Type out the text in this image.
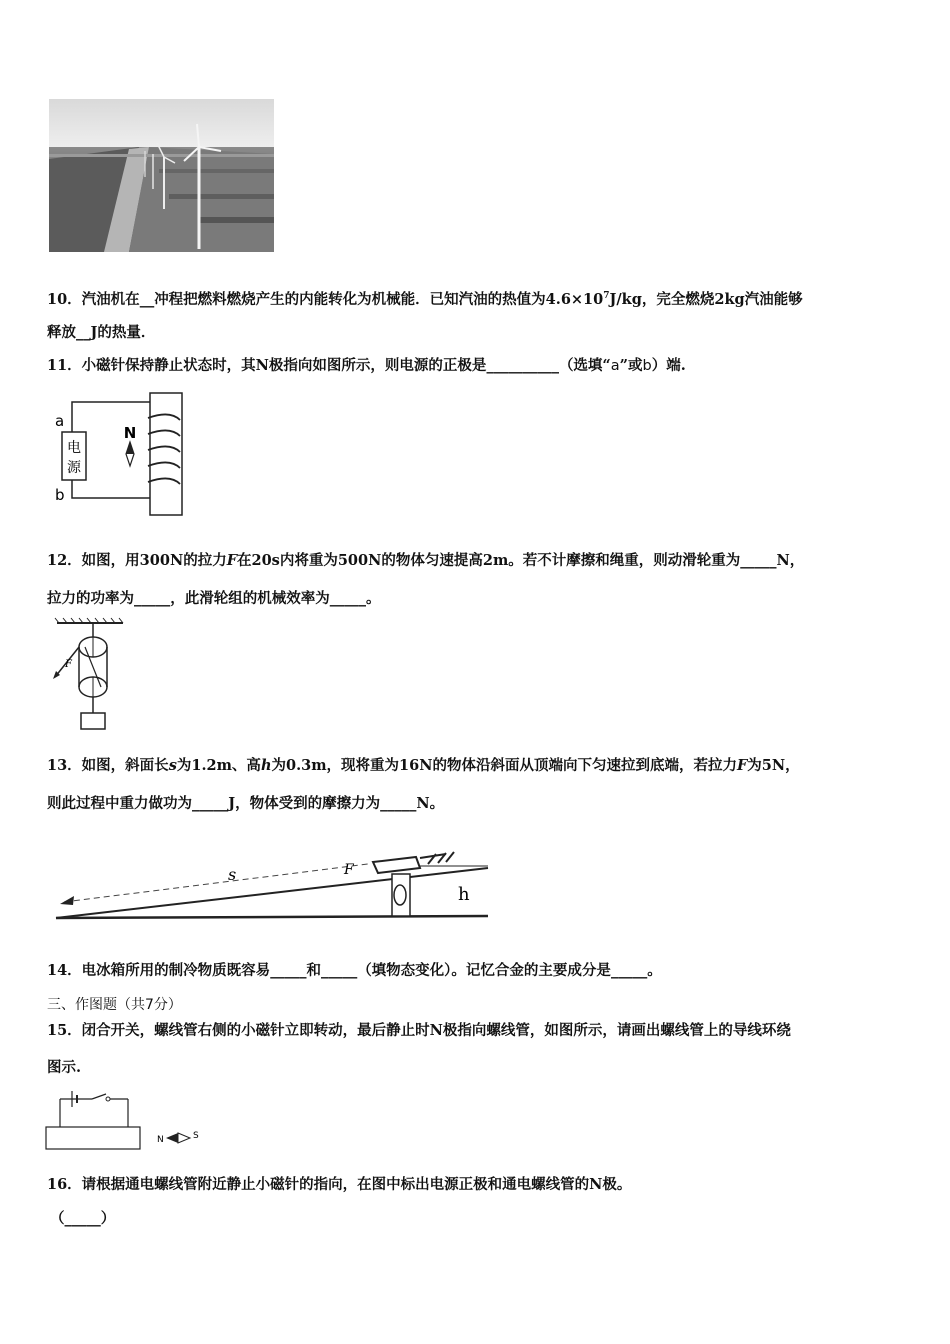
10．汽油机在__冲程把燃料燃烧产生的内能转化为机械能．已知汽油的热值为$4.6\times 10^7J/kg$，完全燃烧2kg汽油能够
释放__J的热量．
11．小磁针保持静止状态时，其N极指向如图所示，则电源的正极是__________（选填“a”或b）端.
电
源
a
b
N
12．如图，用300N的拉力F在20s内将重为500N的物体匀速提高2m。若不计摩擦和绳重，则动滑轮重为_____N，
拉力的功率为_____，此滑轮组的机械效率为_____。
F
13．如图，斜面长s为1.2m、高h为0.3m，现将重为16N的物体沿斜面从顶端向下匀速拉到底端，若拉力F为5N，
则此过程中重力做功为_____J，物体受到的摩擦力为_____N。
s	F
h
14．电冰箱所用的制冷物质既容易_____和_____（填物态变化）。记忆合金的主要成分是_____。
三、作图题（共7分）
15．闭合开关，螺线管右侧的小磁针立即转动，最后静止时N极指向螺线管，如图所示，请画出螺线管上的导线环绕
图示.
N	S
16．请根据通电螺线管附近静止小磁针的指向，在图中标出电源正极和通电螺线管的N极。
（_____）
